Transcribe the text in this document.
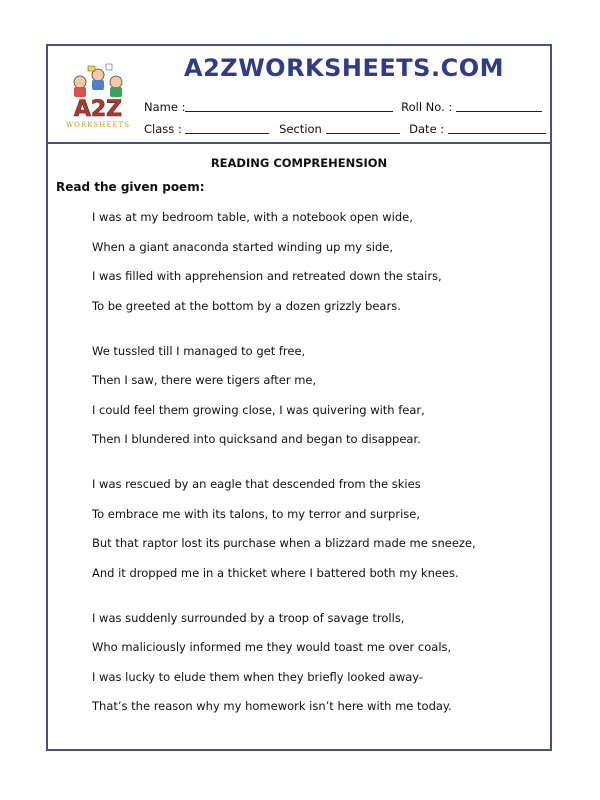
A2Z
WORKSHEETS
A2ZWORKSHEETS.COM
Name :	Roll No. :
Class :	Section	Date :
READING COMPREHENSION
Read the given poem:
I was at my bedroom table, with a notebook open wide,
When a giant anaconda started winding up my side,
I was filled with apprehension and retreated down the stairs,
To be greeted at the bottom by a dozen grizzly bears.
We tussled till I managed to get free,
Then I saw, there were tigers after me,
I could feel them growing close, I was quivering with fear,
Then I blundered into quicksand and began to disappear.
I was rescued by an eagle that descended from the skies
To embrace me with its talons, to my terror and surprise,
But that raptor lost its purchase when a blizzard made me sneeze,
And it dropped me in a thicket where I battered both my knees.
I was suddenly surrounded by a troop of savage trolls,
Who maliciously informed me they would toast me over coals,
I was lucky to elude them when they briefly looked away-
That’s the reason why my homework isn’t here with me today.
